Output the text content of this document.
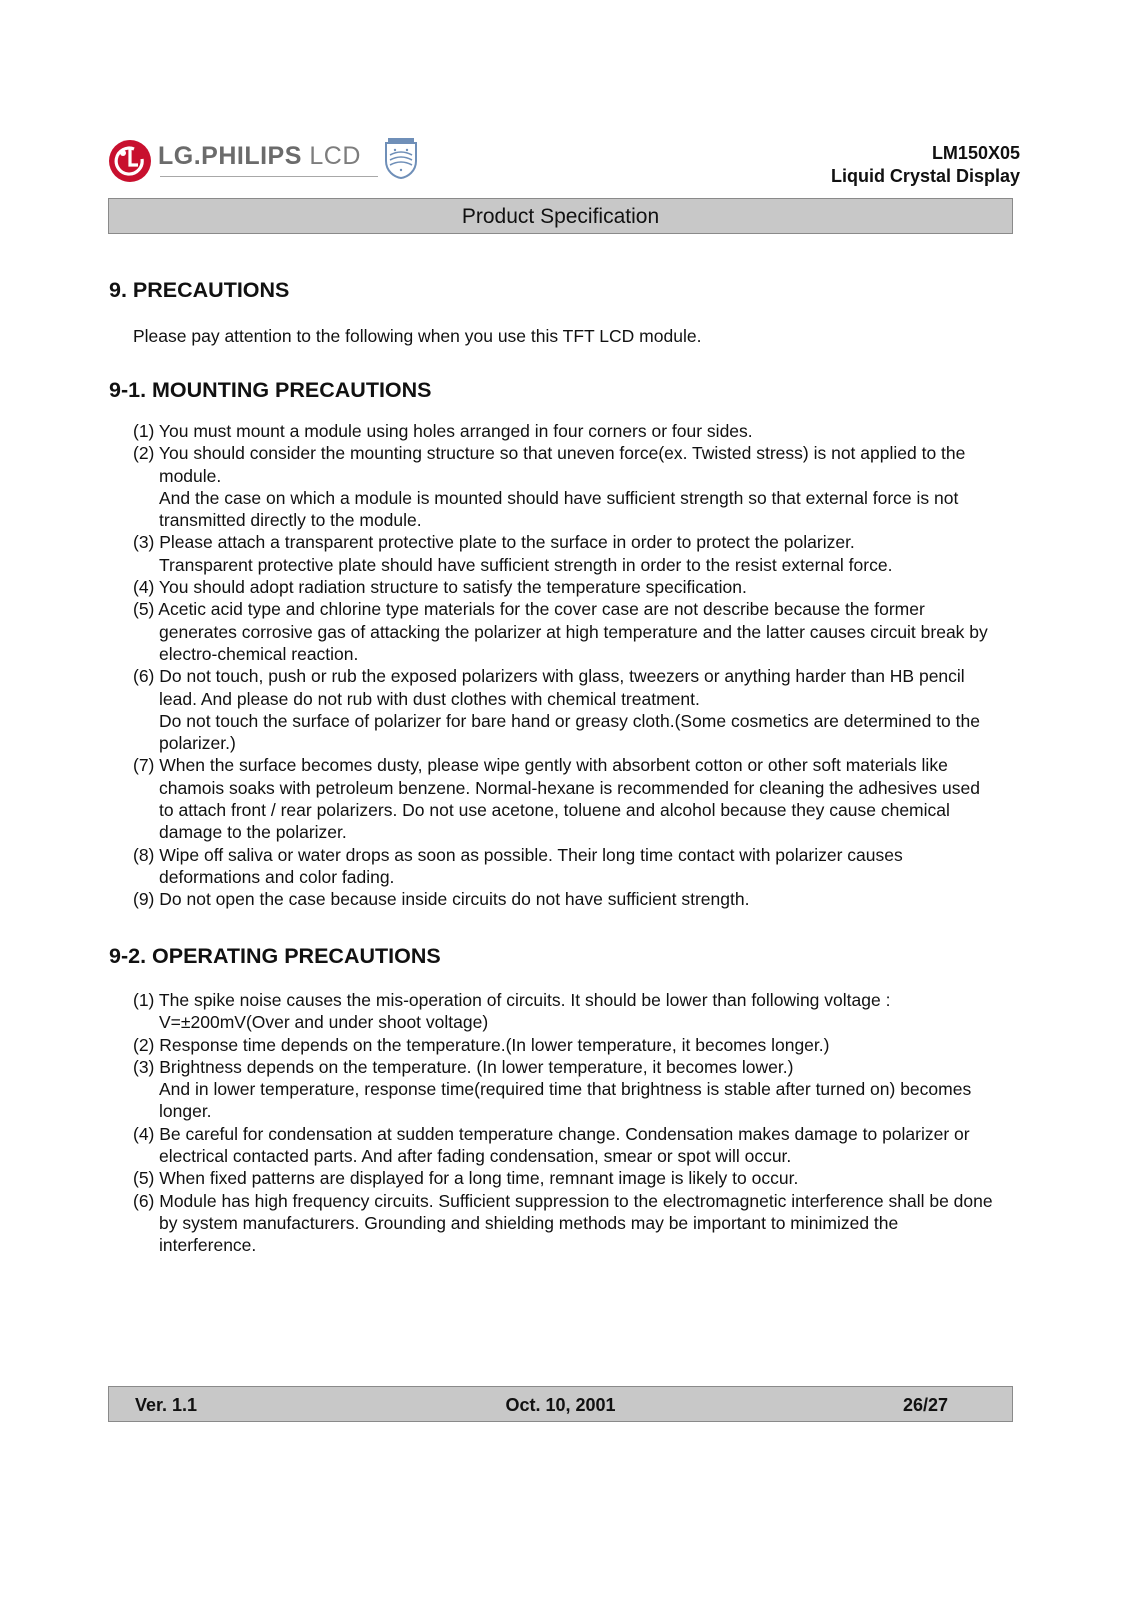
LG.PHILIPS LCD	LM150X05
Liquid Crystal Display
Product Specification
9. PRECAUTIONS
Please pay attention to the following when you use this TFT LCD module.
9-1. MOUNTING PRECAUTIONS
(1) You must mount a module using holes arranged in four corners or four sides.
(2) You should consider the mounting structure so that uneven force(ex. Twisted stress) is not applied to the module.
And the case on which a module is mounted should have sufficient strength so that external force is not transmitted directly to the module.
(3) Please attach a transparent protective plate to the surface in order to protect the polarizer.
Transparent protective plate should have sufficient strength in order to the resist external force.
(4) You should adopt radiation structure to satisfy the temperature specification.
(5) Acetic acid type and chlorine type materials for the cover case are not describe because the former generates corrosive gas of attacking the polarizer at high temperature and the latter causes circuit break by electro-chemical reaction.
(6) Do not touch, push or rub the exposed polarizers with glass, tweezers or anything harder than HB pencil lead. And please do not rub with dust clothes with chemical treatment.
Do not touch the surface of polarizer for bare hand or greasy cloth.(Some cosmetics are determined to the polarizer.)
(7) When the surface becomes dusty, please wipe gently with absorbent cotton or other soft materials like chamois soaks with petroleum benzene. Normal-hexane is recommended for cleaning the adhesives used to attach front / rear polarizers. Do not use acetone, toluene and alcohol because they cause chemical damage to the polarizer.
(8) Wipe off saliva or water drops as soon as possible. Their long time contact with polarizer causes deformations and color fading.
(9) Do not open the case because inside circuits do not have sufficient strength.
9-2. OPERATING PRECAUTIONS
(1) The spike noise causes the mis-operation of circuits. It should be lower than following voltage :
V=±200mV(Over and under shoot voltage)
(2) Response time depends on the temperature.(In lower temperature, it becomes longer.)
(3) Brightness depends on the temperature. (In lower temperature, it becomes lower.)
And in lower temperature, response time(required time that brightness is stable after turned on) becomes longer.
(4) Be careful for condensation at sudden temperature change. Condensation makes damage to polarizer or electrical contacted parts. And after fading condensation, smear or spot will occur.
(5) When fixed patterns are displayed for a long time, remnant image is likely to occur.
(6) Module has high frequency circuits. Sufficient suppression to the electromagnetic interference shall be done by system manufacturers. Grounding and shielding methods may be important to minimized the interference.
Ver. 1.1	Oct. 10, 2001	26/27
